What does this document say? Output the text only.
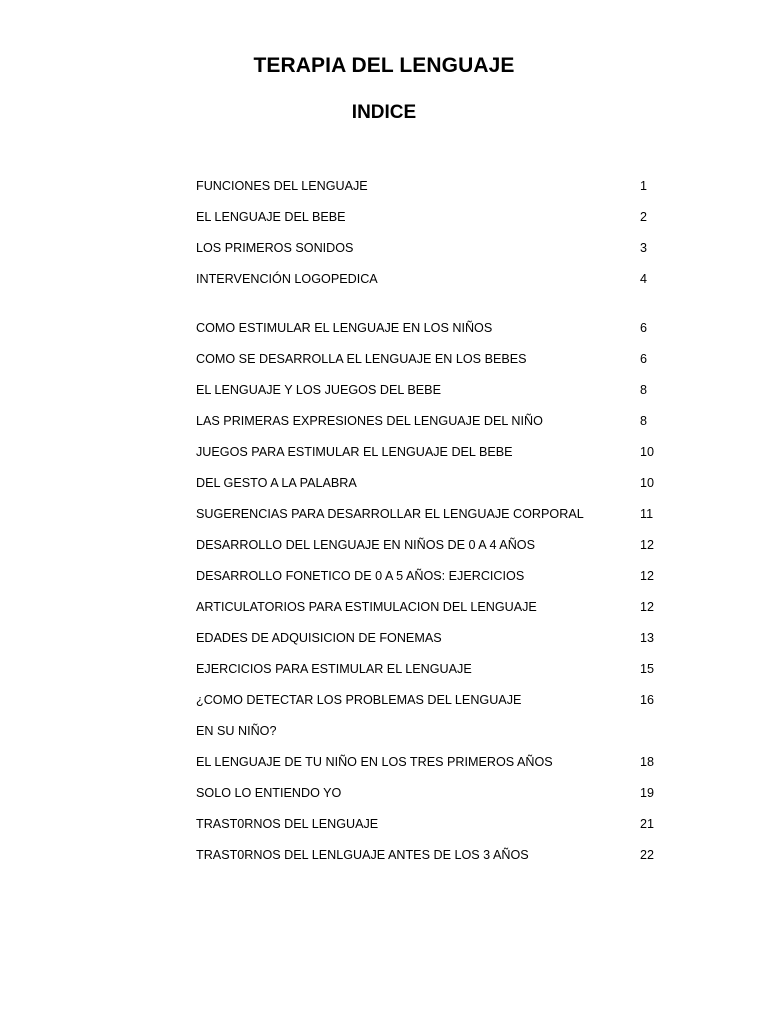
TERAPIA DEL LENGUAJE
INDICE
FUNCIONES DEL LENGUAJE	1
EL LENGUAJE DEL BEBE	2
LOS PRIMEROS SONIDOS	3
INTERVENCIÓN LOGOPEDICA	4
COMO ESTIMULAR EL LENGUAJE EN LOS NIÑOS	6
COMO SE DESARROLLA EL LENGUAJE EN LOS BEBES	6
EL LENGUAJE Y LOS JUEGOS DEL BEBE	8
LAS PRIMERAS EXPRESIONES DEL LENGUAJE DEL NIÑO	8
JUEGOS PARA ESTIMULAR EL LENGUAJE DEL BEBE	10
DEL GESTO A LA PALABRA	10
SUGERENCIAS PARA DESARROLLAR EL LENGUAJE CORPORAL	11
DESARROLLO DEL LENGUAJE EN NIÑOS DE 0 A 4 AÑOS	12
DESARROLLO FONETICO DE 0 A 5 AÑOS: EJERCICIOS	12
ARTICULATORIOS PARA ESTIMULACION DEL LENGUAJE	12
EDADES DE ADQUISICION DE FONEMAS	13
EJERCICIOS PARA ESTIMULAR EL LENGUAJE	15
¿COMO DETECTAR LOS PROBLEMAS DEL LENGUAJE	16
EN SU NIÑO?
EL LENGUAJE DE TU NIÑO EN LOS TRES PRIMEROS AÑOS	18
SOLO LO ENTIENDO YO	19
TRAST0RNOS DEL LENGUAJE	21
TRAST0RNOS DEL LENLGUAJE ANTES DE LOS 3 AÑOS	22
